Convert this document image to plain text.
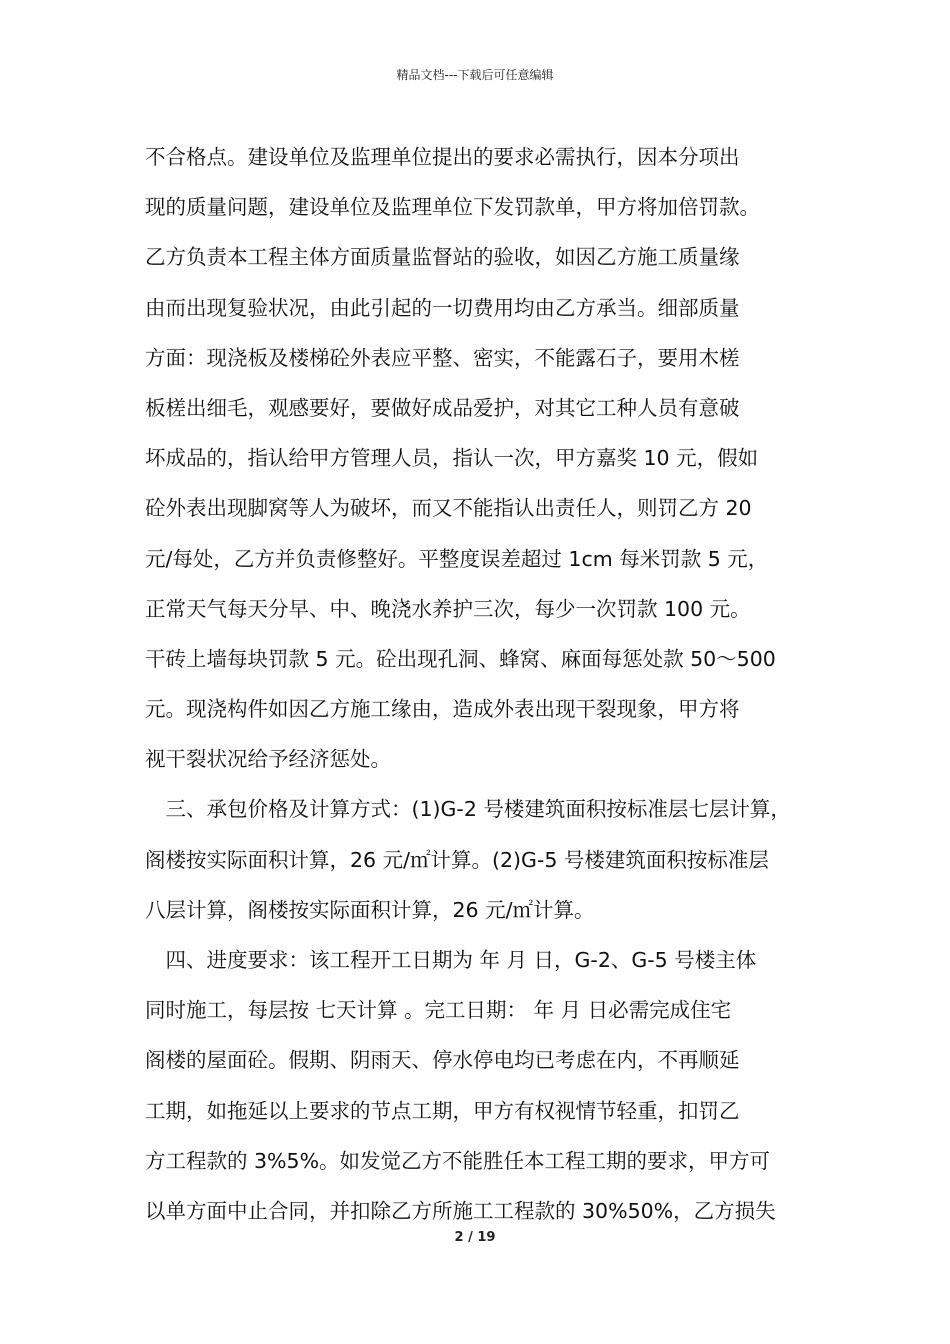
精品文档---下载后可任意编辑
不合格点。建设单位及监理单位提出的要求必需执行，因本分项出
现的质量问题，建设单位及监理单位下发罚款单，甲方将加倍罚款。
乙方负责本工程主体方面质量监督站的验收，如因乙方施工质量缘
由而出现复验状况，由此引起的一切费用均由乙方承当。细部质量
方面：现浇板及楼梯砼外表应平整、密实，不能露石子，要用木槎
板槎出细毛，观感要好，要做好成品爱护，对其它工种人员有意破
坏成品的，指认给甲方管理人员，指认一次，甲方嘉奖 10 元，假如
砼外表出现脚窝等人为破坏，而又不能指认出责任人，则罚乙方 20
元/每处，乙方并负责修整好。平整度误差超过 1cm 每米罚款 5 元，
正常天气每天分早、中、晚浇水养护三次，每少一次罚款 100 元。
干砖上墙每块罚款 5 元。砼出现孔洞、蜂窝、麻面每惩处款 50～500
元。现浇构件如因乙方施工缘由，造成外表出现干裂现象，甲方将
视干裂状况给予经济惩处。
　三、承包价格及计算方式：(1)G-2 号楼建筑面积按标准层七层计算，
阁楼按实际面积计算，26 元/㎡计算。(2)G-5 号楼建筑面积按标准层
八层计算，阁楼按实际面积计算，26 元/㎡计算。
　四、进度要求：该工程开工日期为 年 月 日，G-2、G-5 号楼主体
同时施工，每层按 七天计算 。完工日期： 年 月 日必需完成住宅
阁楼的屋面砼。假期、阴雨天、停水停电均已考虑在内，不再顺延
工期，如拖延以上要求的节点工期，甲方有权视情节轻重，扣罚乙
方工程款的 3%5%。如发觉乙方不能胜任本工程工期的要求，甲方可
以单方面中止合同，并扣除乙方所施工工程款的 30%50%，乙方损失
2 / 19
